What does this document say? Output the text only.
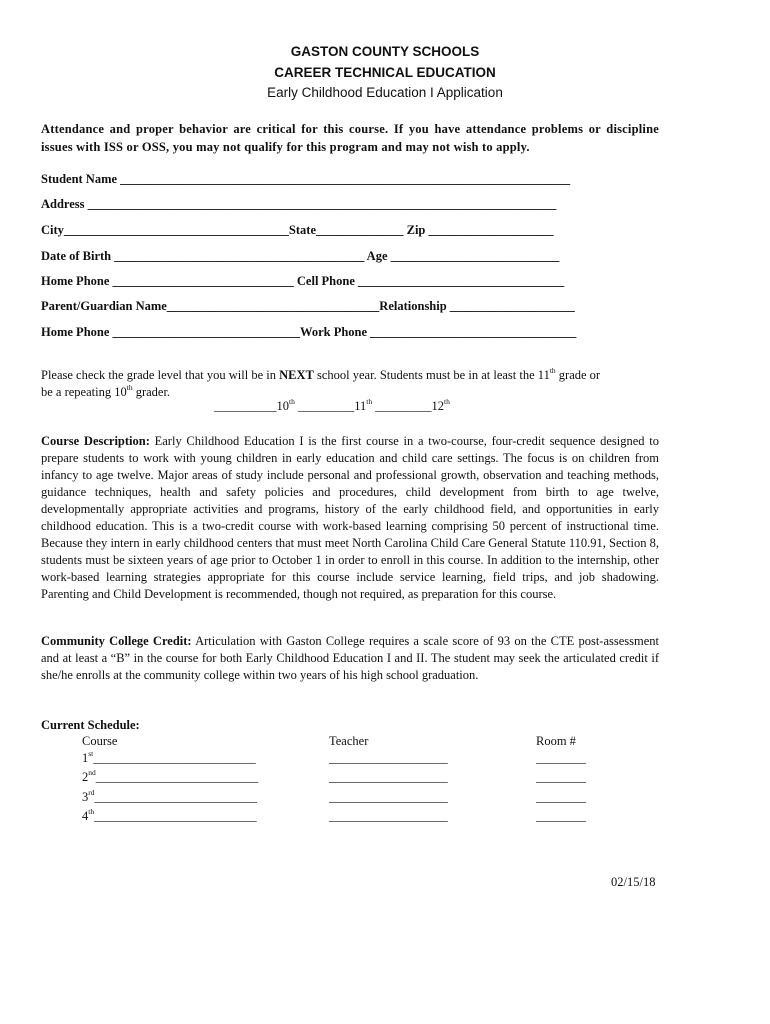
GASTON COUNTY SCHOOLS
CAREER TECHNICAL EDUCATION
Early Childhood Education I Application
Attendance and proper behavior are critical for this course. If you have attendance problems or discipline issues with ISS or OSS, you may not qualify for this program and may not wish to apply.
Student Name ________________________________________________________________________
Address ___________________________________________________________________________
City____________________________________State______________ Zip ____________________
Date of Birth ________________________________________ Age ___________________________
Home Phone _____________________________ Cell Phone _________________________________
Parent/Guardian Name__________________________________Relationship ____________________
Home Phone ______________________________Work Phone _________________________________
Please check the grade level that you will be in NEXT school year. Students must be in at least the 11th grade or
be a repeating 10th grader.
__________10th _________11th _________12th
Course Description: Early Childhood Education I is the first course in a two-course, four-credit sequence designed to prepare students to work with young children in early education and child care settings. The focus is on children from infancy to age twelve. Major areas of study include personal and professional growth, observation and teaching methods, guidance techniques, health and safety policies and procedures, child development from birth to age twelve, developmentally appropriate activities and programs, history of the early childhood field, and opportunities in early childhood education. This is a two-credit course with work-based learning comprising 50 percent of instructional time. Because they intern in early childhood centers that must meet North Carolina Child Care General Statute 110.91, Section 8, students must be sixteen years of age prior to October 1 in order to enroll in this course. In addition to the internship, other work-based learning strategies appropriate for this course include service learning, field trips, and job shadowing. Parenting and Child Development is recommended, though not required, as preparation for this course.
Community College Credit: Articulation with Gaston College requires a scale score of 93 on the CTE post-assessment and at least a “B” in the course for both Early Childhood Education I and II. The student may seek the articulated credit if she/he enrolls at the community college within two years of his high school graduation.
Current Schedule:
Course	Teacher	Room #
1st__________________________	___________________	________
2nd__________________________	___________________	________
3rd__________________________	___________________	________
4th__________________________	___________________	________
02/15/18
